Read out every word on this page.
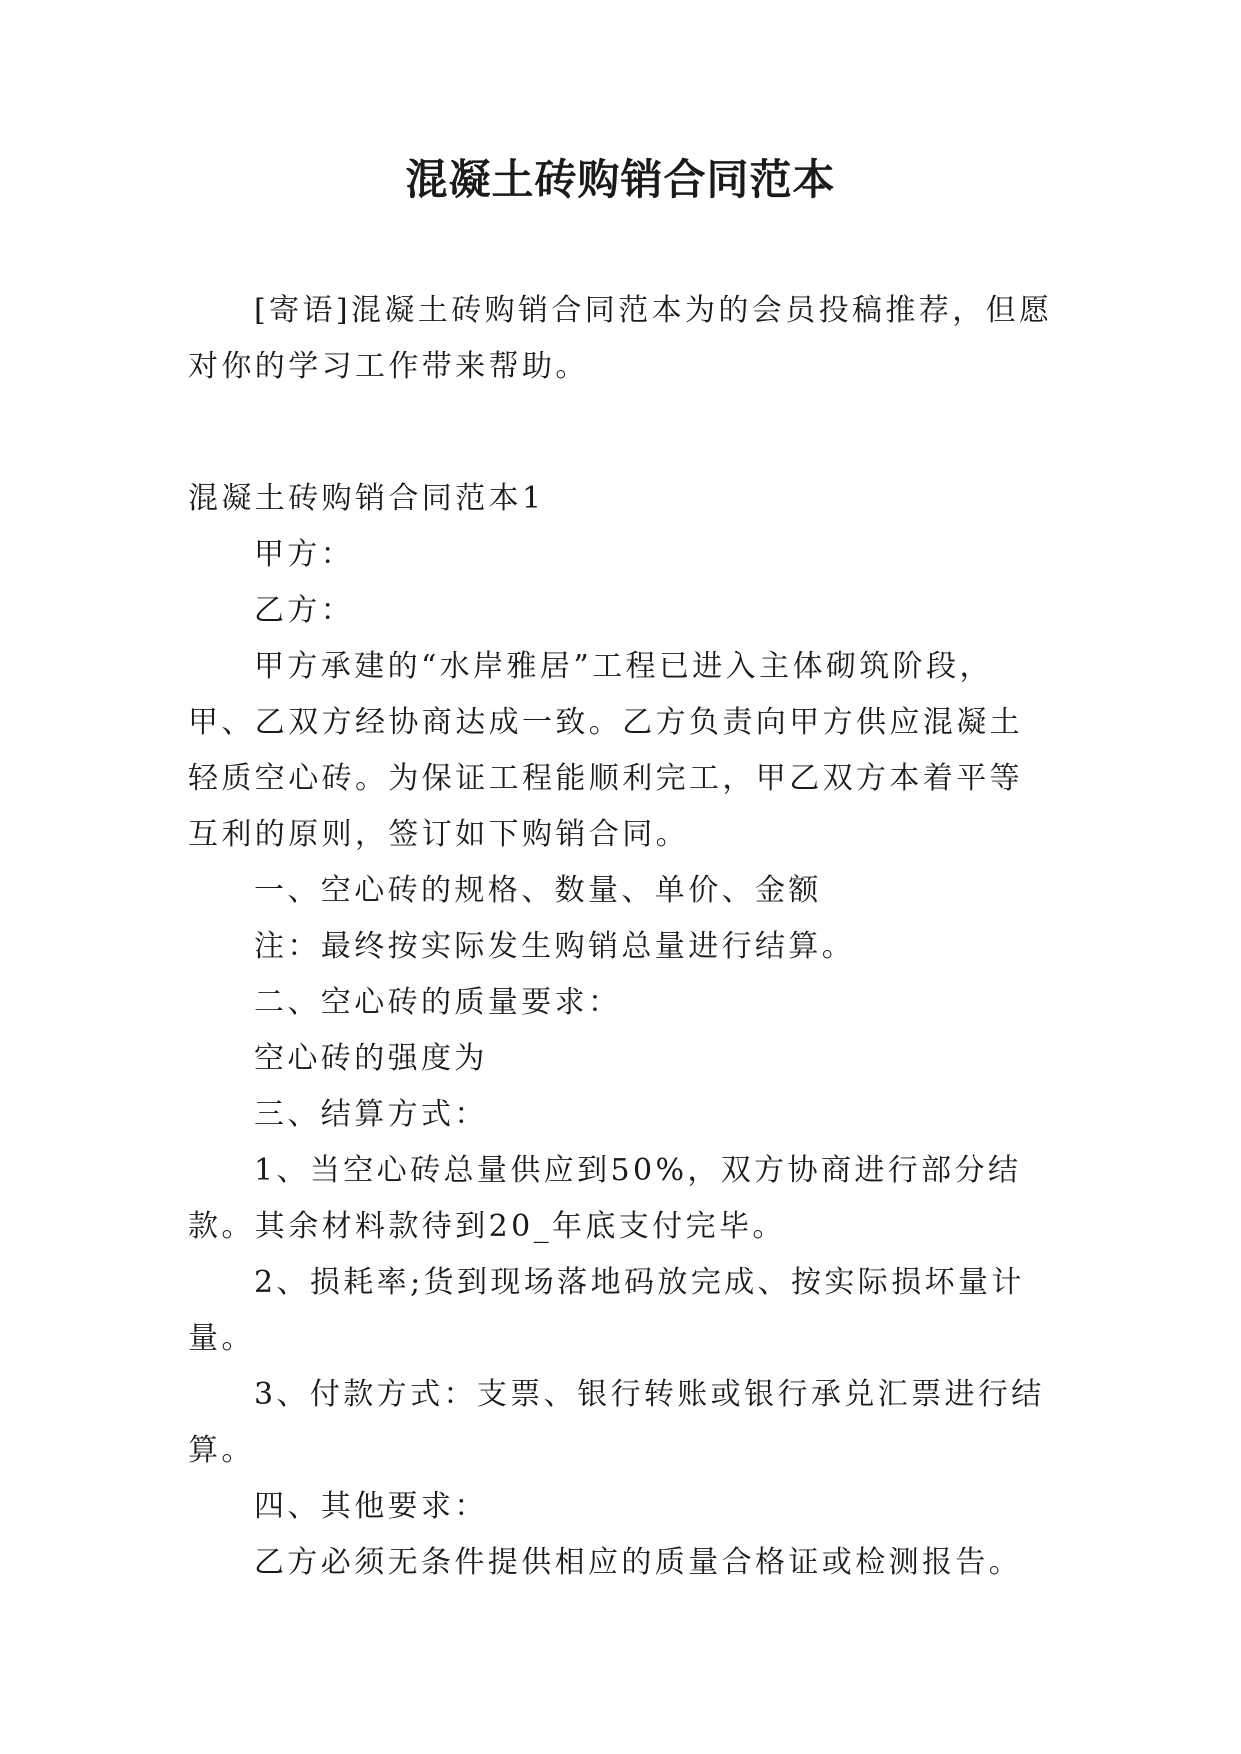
混凝土砖购销合同范本

[寄语]混凝土砖购销合同范本为的会员投稿推荐，但愿对你的学习工作带来帮助。

混凝土砖购销合同范本1

甲方：

乙方：

甲方承建的“水岸雅居”工程已进入主体砌筑阶段，甲、乙双方经协商达成一致。乙方负责向甲方供应混凝土轻质空心砖。为保证工程能顺利完工，甲乙双方本着平等互利的原则，签订如下购销合同。

一、空心砖的规格、数量、单价、金额

注：最终按实际发生购销总量进行结算。

二、空心砖的质量要求：

空心砖的强度为

三、结算方式：

1、当空心砖总量供应到50%，双方协商进行部分结款。其余材料款待到20_年底支付完毕。

2、损耗率;货到现场落地码放完成、按实际损坏量计量。

3、付款方式：支票、银行转账或银行承兑汇票进行结算。

四、其他要求：

乙方必须无条件提供相应的质量合格证或检测报告。
